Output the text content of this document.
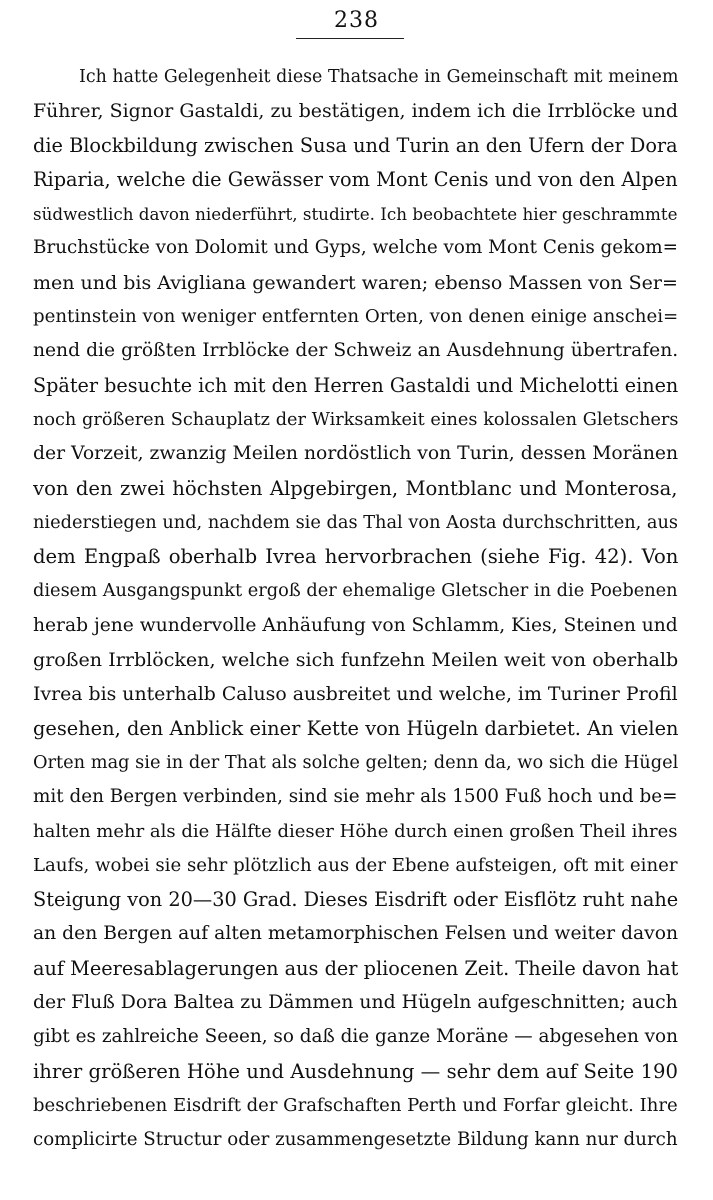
238
Ich hatte Gelegenheit diese Thatsache in Gemeinschaft mit meinem
Führer, Signor Gastaldi, zu bestätigen, indem ich die Irrblöcke und
die Blockbildung zwischen Susa und Turin an den Ufern der Dora
Riparia, welche die Gewässer vom Mont Cenis und von den Alpen
südwestlich davon niederführt, studirte. Ich beobachtete hier geschrammte
Bruchstücke von Dolomit und Gyps, welche vom Mont Cenis gekom=
men und bis Avigliana gewandert waren; ebenso Massen von Ser=
pentinstein von weniger entfernten Orten, von denen einige anschei=
nend die größten Irrblöcke der Schweiz an Ausdehnung übertrafen.
Später besuchte ich mit den Herren Gastaldi und Michelotti einen
noch größeren Schauplatz der Wirksamkeit eines kolossalen Gletschers
der Vorzeit, zwanzig Meilen nordöstlich von Turin, dessen Moränen
von den zwei höchsten Alpgebirgen, Montblanc und Monterosa,
niederstiegen und, nachdem sie das Thal von Aosta durchschritten, aus
dem Engpaß oberhalb Ivrea hervorbrachen (siehe Fig. 42). Von
diesem Ausgangspunkt ergoß der ehemalige Gletscher in die Poebenen
herab jene wundervolle Anhäufung von Schlamm, Kies, Steinen und
großen Irrblöcken, welche sich funfzehn Meilen weit von oberhalb
Ivrea bis unterhalb Caluso ausbreitet und welche, im Turiner Profil
gesehen, den Anblick einer Kette von Hügeln darbietet. An vielen
Orten mag sie in der That als solche gelten; denn da, wo sich die Hügel
mit den Bergen verbinden, sind sie mehr als 1500 Fuß hoch und be=
halten mehr als die Hälfte dieser Höhe durch einen großen Theil ihres
Laufs, wobei sie sehr plötzlich aus der Ebene aufsteigen, oft mit einer
Steigung von 20—30 Grad. Dieses Eisdrift oder Eisflötz ruht nahe
an den Bergen auf alten metamorphischen Felsen und weiter davon
auf Meeresablagerungen aus der pliocenen Zeit. Theile davon hat
der Fluß Dora Baltea zu Dämmen und Hügeln aufgeschnitten; auch
gibt es zahlreiche Seeen, so daß die ganze Moräne — abgesehen von
ihrer größeren Höhe und Ausdehnung — sehr dem auf Seite 190
beschriebenen Eisdrift der Grafschaften Perth und Forfar gleicht. Ihre
complicirte Structur oder zusammengesetzte Bildung kann nur durch
